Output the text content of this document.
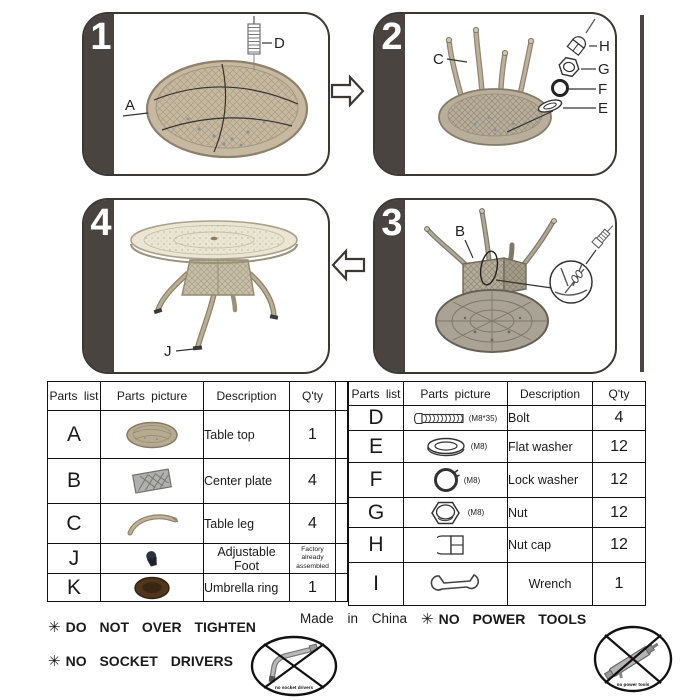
1	D
A
2
C
H
G
F
E
3	B
4
J
Parts list	Parts picture	Description	Q'ty	
A		Table top	1	
B		Center plate	4	
C		Table leg	4	
J		Adjustable Foot	Factory already assembled	
K		Umbrella ring	1	
Parts list	Parts picture	Description	Q'ty
D	(M8*35)	Bolt	4
E	(M8)	Flat washer	12
F	(M8)	Lock washer	12
G	(M8)	Nut	12
H		Nut cap	12
I		Wrench	1
✳ DO NOT OVER TIGHTEN
✳ NO SOCKET DRIVERS
Made in China ✳ NO POWER TOOLS
no socket drivers
no power tools
